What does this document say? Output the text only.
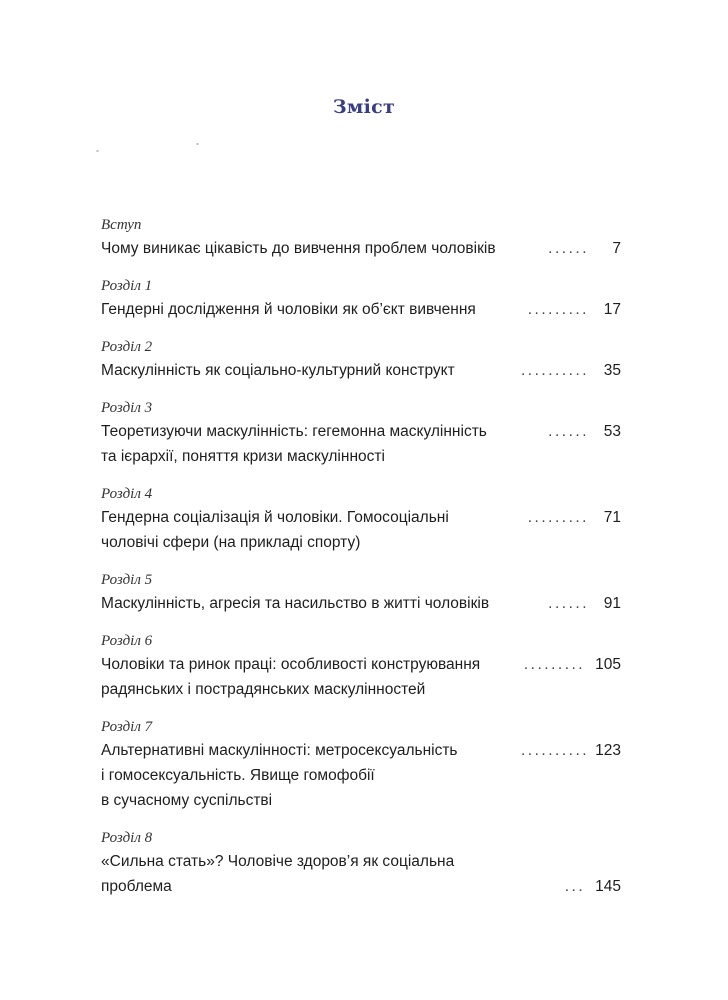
Зміст
Вступ
Чому виникає цікавість до вивчення проблем чоловіків	......	7
Розділ 1
Гендерні дослідження й чоловіки як об’єкт вивчення	......... 17
Розділ 2
Маскулінність як соціально-культурний конструкт	.......... 35
Розділ 3
Теоретизуючи маскулінність: гегемонна маскулінність
та ієрархії, поняття кризи маскулінності
...... 53
Розділ 4
Гендерна соціалізація й чоловіки. Гомосоціальні
чоловічі сфери (на прикладі спорту)
......... 71
Розділ 5
Маскулінність, агресія та насильство в житті чоловіків	...... 91
Розділ 6
Чоловіки та ринок праці: особливості конструювання
радянських і пострадянських маскулінностей
......... 105
Розділ 7
Альтернативні маскулінності: метросексуальність
і гомосексуальність. Явище гомофобії
в сучасному суспільстві
.......... 123
Розділ 8
«Сильна стать»? Чоловіче здоров’я як соціальна проблема	... 145
